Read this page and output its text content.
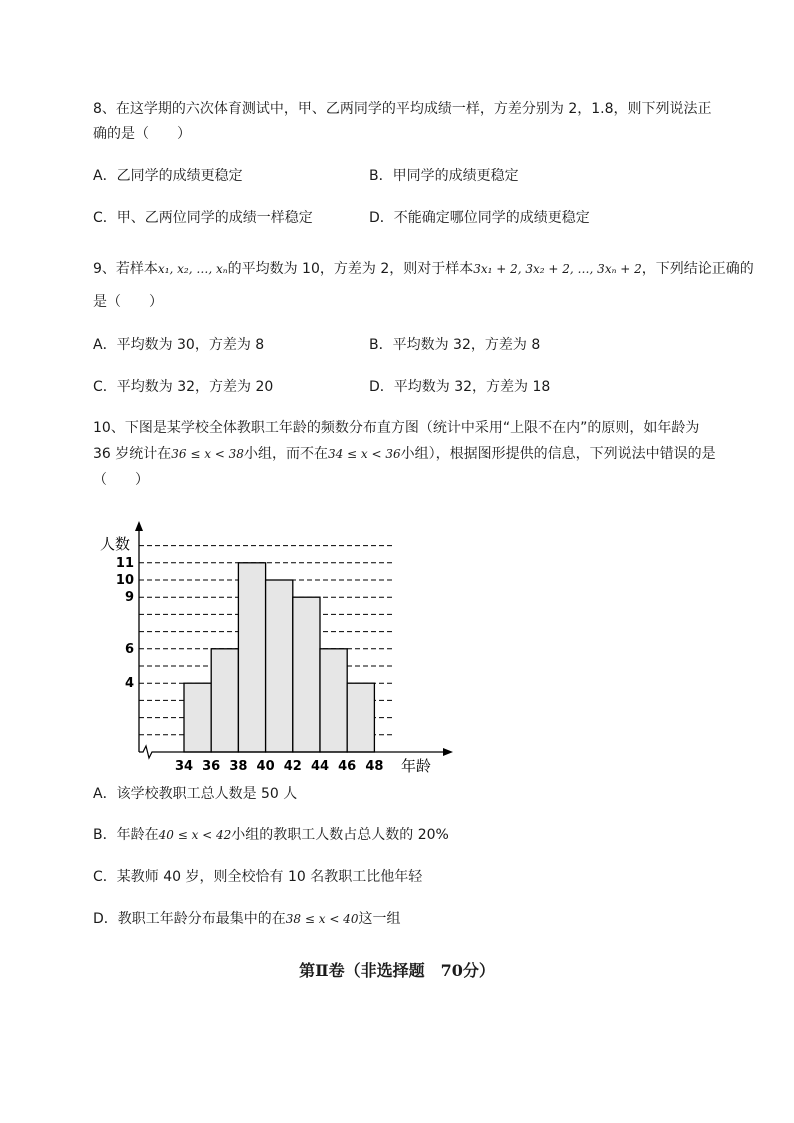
8、在这学期的六次体育测试中，甲、乙两同学的平均成绩一样，方差分别为 2，1.8，则下列说法正
确的是（　　）
A．乙同学的成绩更稳定	B．甲同学的成绩更稳定
C．甲、乙两位同学的成绩一样稳定	D．不能确定哪位同学的成绩更稳定
9、若样本x₁, x₂, …, xₙ的平均数为 10，方差为 2，则对于样本3x₁ + 2, 3x₂ + 2, …, 3xₙ + 2，下列结论正确的
是（　　）
A．平均数为 30，方差为 8	B．平均数为 32，方差为 8
C．平均数为 32，方差为 20	D．平均数为 32，方差为 18
10、下图是某学校全体教职工年龄的频数分布直方图（统计中采用“上限不在内”的原则，如年龄为
36 岁统计在36 ≤ x < 38小组，而不在34 ≤ x < 36小组），根据图形提供的信息，下列说法中错误的是
（　　）
34 36 38 40 42 44 46 48
4
6
9
10
11
人数
年龄
A．该学校教职工总人数是 50 人
B．年龄在40 ≤ x < 42小组的教职工人数占总人数的 20%
C．某教师 40 岁，则全校恰有 10 名教职工比他年轻
D．教职工年龄分布最集中的在38 ≤ x < 40这一组
第Ⅱ卷（非选择题　70分）
